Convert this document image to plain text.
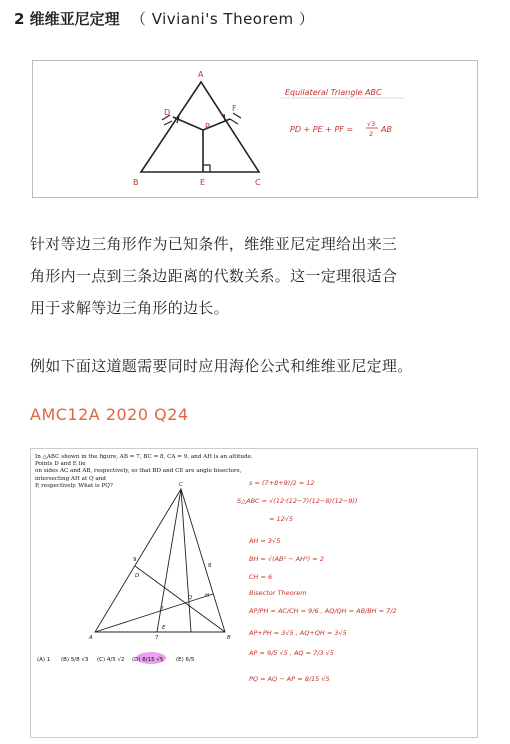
2 维维亚尼定理 （ Viviani's Theorem ）
A
B	C
P
D
E
F
Equilateral Triangle ABC
PD + PE + PF =
√3
2 AB
针对等边三角形作为已知条件，维维亚尼定理给出来三
角形内一点到三条边距离的代数关系。这一定理很适合
用于求解等边三角形的边长。
例如下面这道题需要同时应用海伦公式和维维亚尼定理。
AMC12A 2020 Q24
In △ABC shown in the figure, AB = 7, BC = 8, CA = 9, and AH is an altitude. Points D and E lie
on sides AC and AB, respectively, so that BD and CE are angle bisectors, intersecting AH at Q and
P, respectively. What is PQ?	C
A	B
D
E
H
P
Q
9
8
7
(A) 1 (B) 5/8 √3 (C) 4/5 √2 (D) 8/15 √5 (E) 6/5
s = (7+8+9)/2 = 12
S△ABC = √(12·(12−7)(12−8)(12−9))
= 12√5
AH = 3√5
BH = √(AB² − AH²) = 2
CH = 6
Bisector Theorem
AP/PH = AC/CH = 9/6 , AQ/QH = AB/BH = 7/2
AP+PH = 3√5 , AQ+QH = 3√5
AP = 9/5 √5 , AQ = 7/3 √5
PQ = AQ − AP = 8/15 √5
